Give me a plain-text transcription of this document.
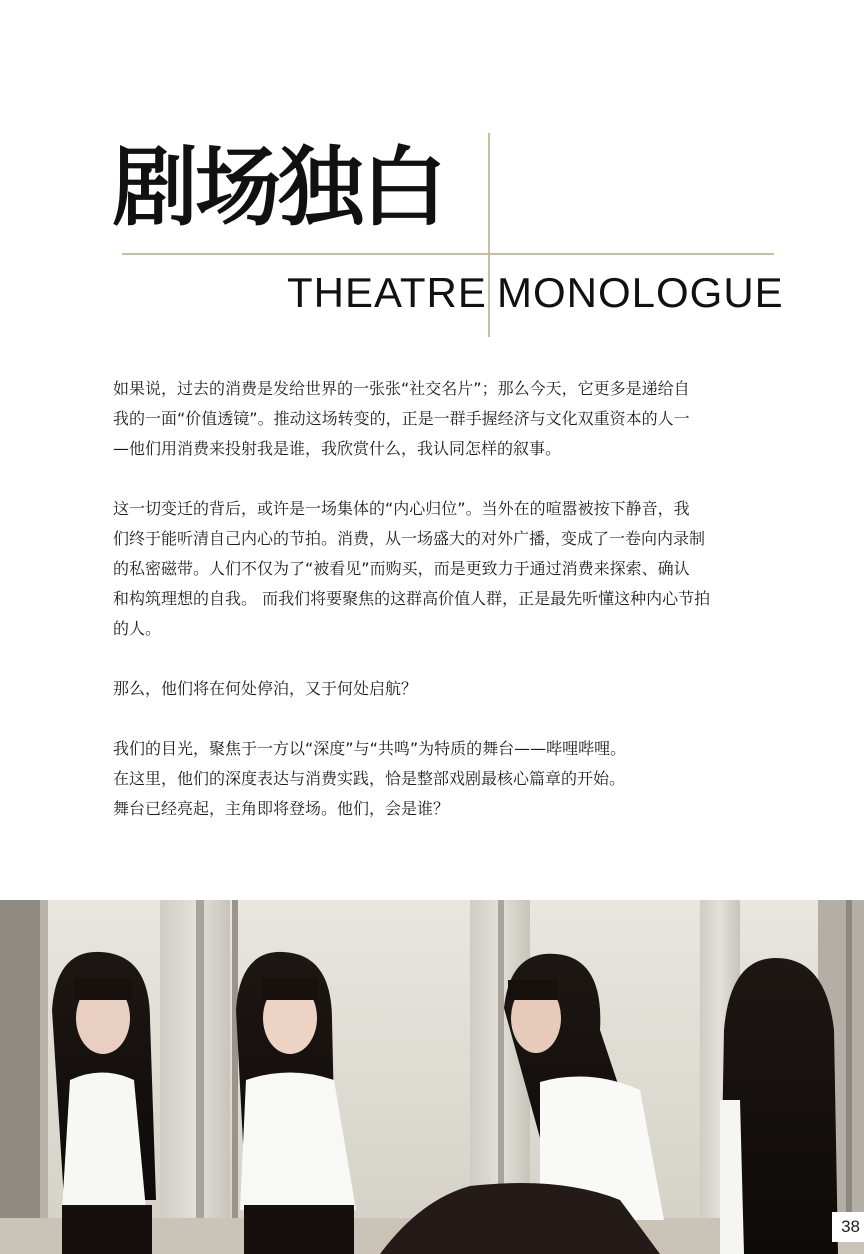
剧场独白
THEATRE MONOLOGUE
如果说，过去的消费是发给世界的一张张“社交名片”；那么今天，它更多是递给自
我的一面“价值透镜”。推动这场转变的，正是一群手握经济与文化双重资本的人一
—他们用消费来投射我是谁，我欣赏什么，我认同怎样的叙事。
这一切变迁的背后，或许是一场集体的“内心归位”。当外在的喧嚣被按下静音，我
们终于能听清自己内心的节拍。消费，从一场盛大的对外广播，变成了一卷向内录制
的私密磁带。人们不仅为了“被看见”而购买，而是更致力于通过消费来探索、确认
和构筑理想的自我。 而我们将要聚焦的这群高价值人群，正是最先听懂这种内心节拍
的人。
那么，他们将在何处停泊，又于何处启航？
我们的目光，聚焦于一方以“深度”与“共鸣”为特质的舞台——哔哩哔哩。
在这里，他们的深度表达与消费实践，恰是整部戏剧最核心篇章的开始。
舞台已经亮起，主角即将登场。他们，会是谁？
38
